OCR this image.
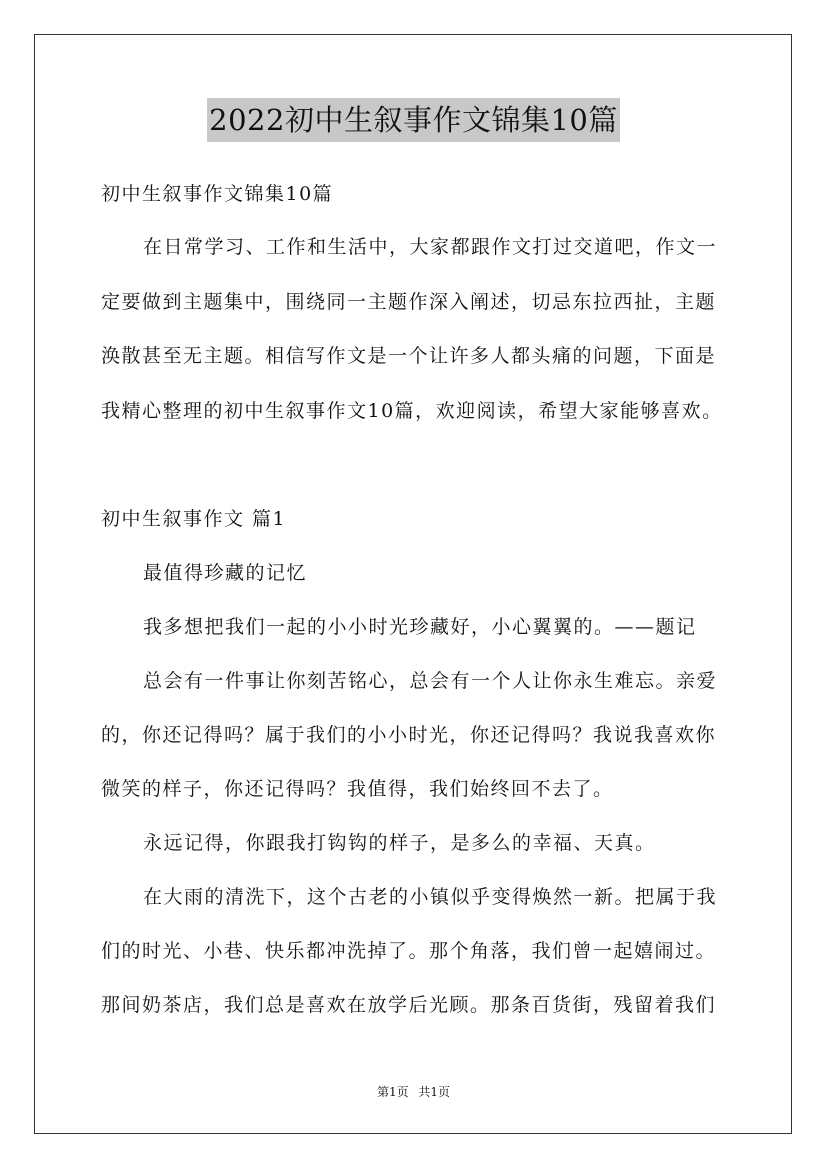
2022初中生叙事作文锦集10篇
初中生叙事作文锦集10篇
在日常学习、工作和生活中，大家都跟作文打过交道吧，作文一
定要做到主题集中，围绕同一主题作深入阐述，切忌东拉西扯，主题
涣散甚至无主题。相信写作文是一个让许多人都头痛的问题，下面是
我精心整理的初中生叙事作文10篇，欢迎阅读，希望大家能够喜欢。
初中生叙事作文 篇1
最值得珍藏的记忆
我多想把我们一起的小小时光珍藏好，小心翼翼的。——题记
总会有一件事让你刻苦铭心，总会有一个人让你永生难忘。亲爱
的，你还记得吗？属于我们的小小时光，你还记得吗？我说我喜欢你
微笑的样子，你还记得吗？我值得，我们始终回不去了。
永远记得，你跟我打钩钩的样子，是多么的幸福、天真。
在大雨的清洗下，这个古老的小镇似乎变得焕然一新。把属于我
们的时光、小巷、快乐都冲洗掉了。那个角落，我们曾一起嬉闹过。
那间奶茶店，我们总是喜欢在放学后光顾。那条百货街，残留着我们
第1页 共1页
